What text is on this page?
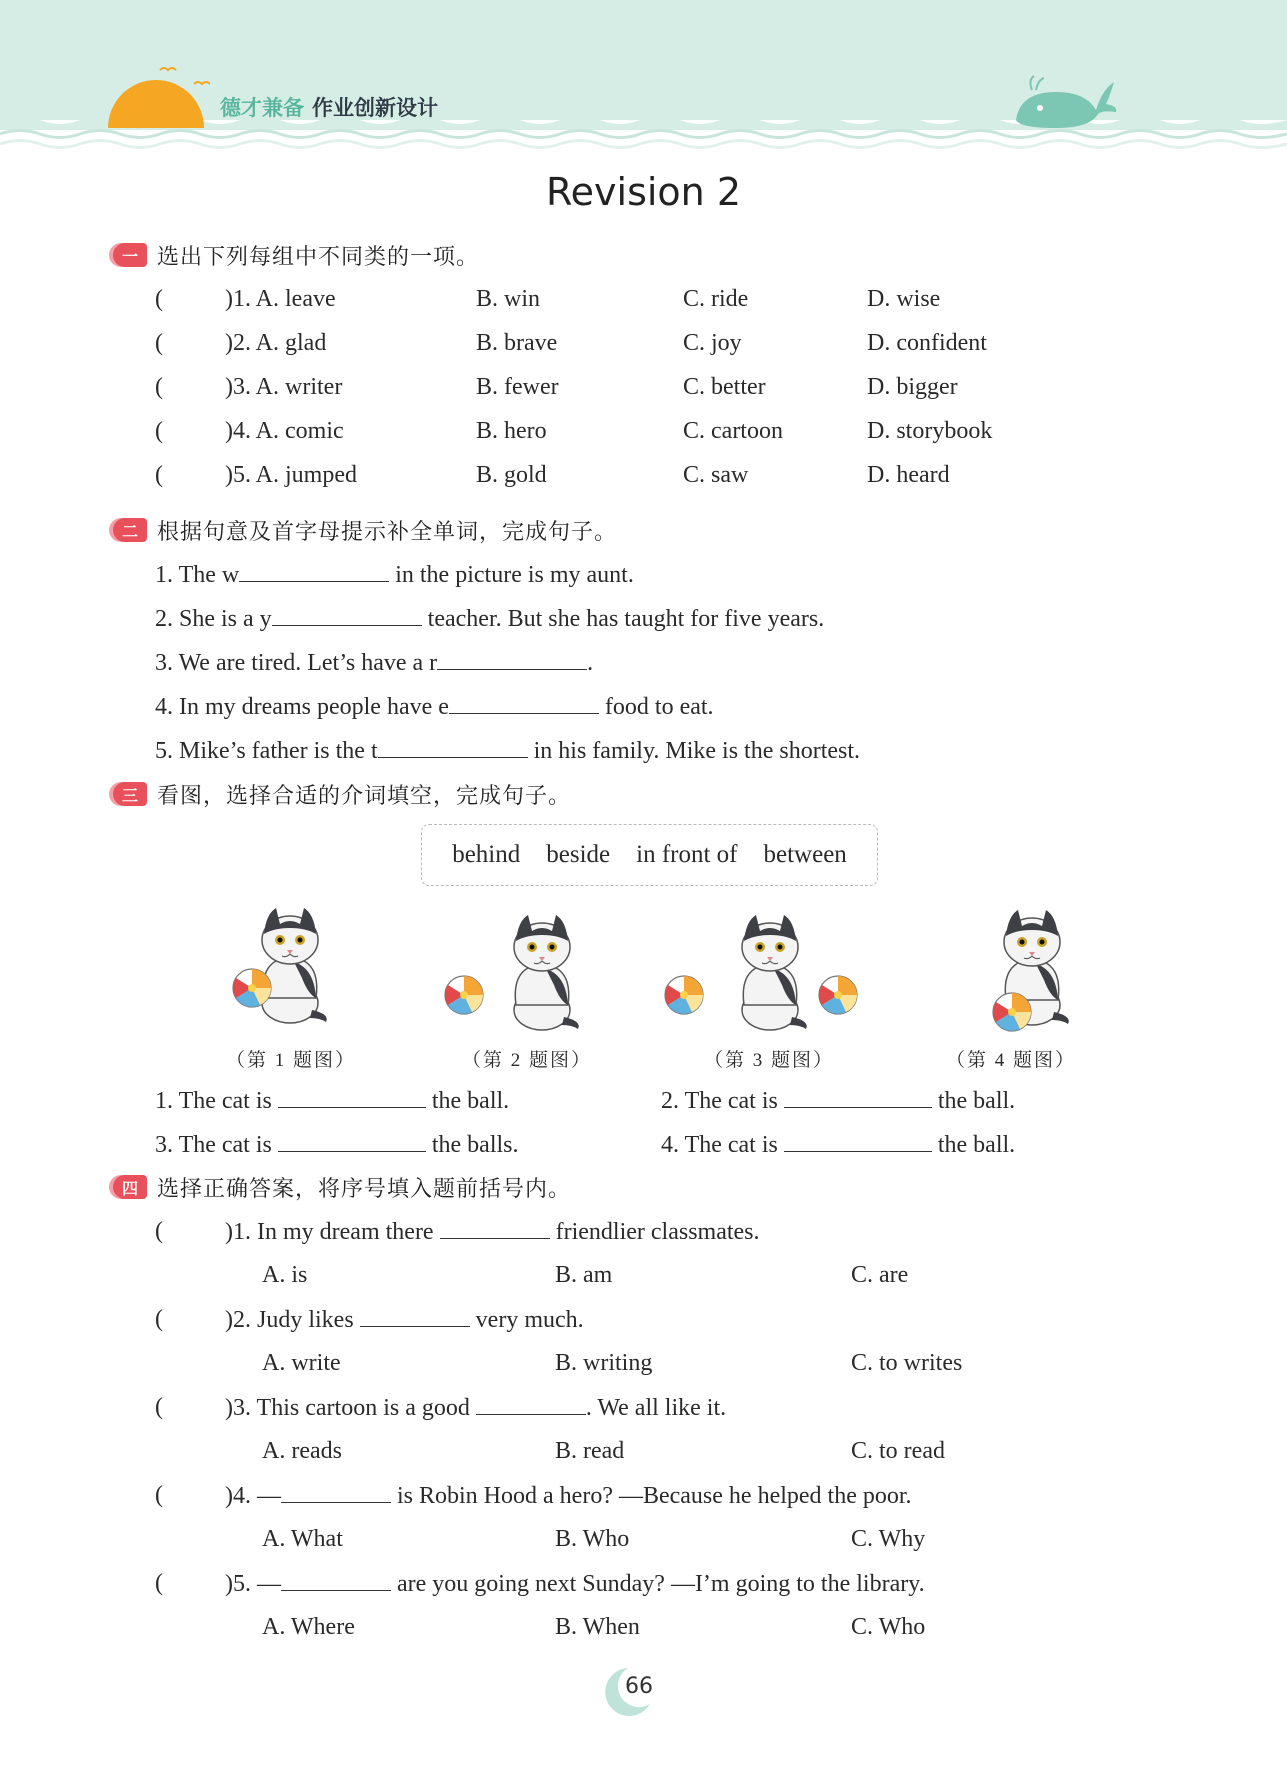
德才兼备 作业创新设计
Revision 2
一 选出下列每组中不同类的一项。
(	)1. A. leave	B. win	C. ride	D. wise
(	)2. A. glad	B. brave	C. joy	D. confident
(	)3. A. writer	B. fewer	C. better	D. bigger
(	)4. A. comic	B. hero	C. cartoon	D. storybook
(	)5. A. jumped	B. gold	C. saw	D. heard
二 根据句意及首字母提示补全单词，完成句子。
1. The w	in the picture is my aunt.
2. She is a y	teacher. But she has taught for five years.
3. We are tired. Let’s have a r	.
4. In my dreams people have e	food to eat.
5. Mike’s father is the t	in his family. Mike is the shortest.
三 看图，选择合适的介词填空，完成句子。
behind beside in front of between
（第 1 题图）	（第 2 题图）	（第 3 题图）	（第 4 题图）
1. The cat is	the ball.	2. The cat is	the ball.
3. The cat is	the balls.	4. The cat is	the ball.
四 选择正确答案，将序号填入题前括号内。
(	)1. In my dream there	friendlier classmates.
A. is	B. am	C. are
(	)2. Judy likes	very much.
A. write	B. writing	C. to writes
(	)3. This cartoon is a good	. We all like it.
A. reads	B. read	C. to read
(	)4. —	is Robin Hood a hero? —Because he helped the poor.
A. What	B. Who	C. Why
(	)5. —	are you going next Sunday? —I’m going to the library.
A. Where	B. When	C. Who
66
